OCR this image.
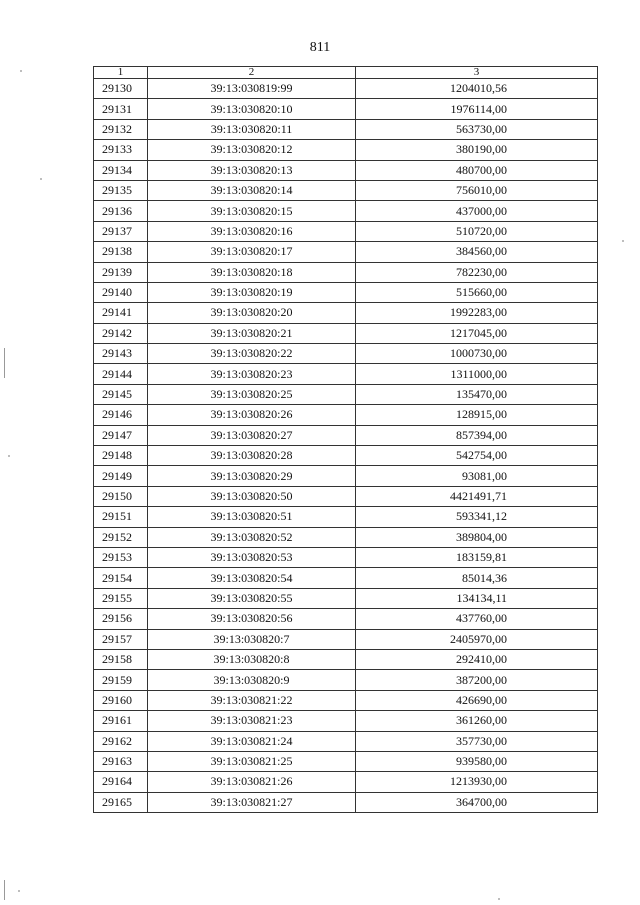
811
1	2	3
29130	39:13:030819:99	1204010,56
29131	39:13:030820:10	1976114,00
29132	39:13:030820:11	563730,00
29133	39:13:030820:12	380190,00
29134	39:13:030820:13	480700,00
29135	39:13:030820:14	756010,00
29136	39:13:030820:15	437000,00
29137	39:13:030820:16	510720,00
29138	39:13:030820:17	384560,00
29139	39:13:030820:18	782230,00
29140	39:13:030820:19	515660,00
29141	39:13:030820:20	1992283,00
29142	39:13:030820:21	1217045,00
29143	39:13:030820:22	1000730,00
29144	39:13:030820:23	1311000,00
29145	39:13:030820:25	135470,00
29146	39:13:030820:26	128915,00
29147	39:13:030820:27	857394,00
29148	39:13:030820:28	542754,00
29149	39:13:030820:29	93081,00
29150	39:13:030820:50	4421491,71
29151	39:13:030820:51	593341,12
29152	39:13:030820:52	389804,00
29153	39:13:030820:53	183159,81
29154	39:13:030820:54	85014,36
29155	39:13:030820:55	134134,11
29156	39:13:030820:56	437760,00
29157	39:13:030820:7	2405970,00
29158	39:13:030820:8	292410,00
29159	39:13:030820:9	387200,00
29160	39:13:030821:22	426690,00
29161	39:13:030821:23	361260,00
29162	39:13:030821:24	357730,00
29163	39:13:030821:25	939580,00
29164	39:13:030821:26	1213930,00
29165	39:13:030821:27	364700,00
